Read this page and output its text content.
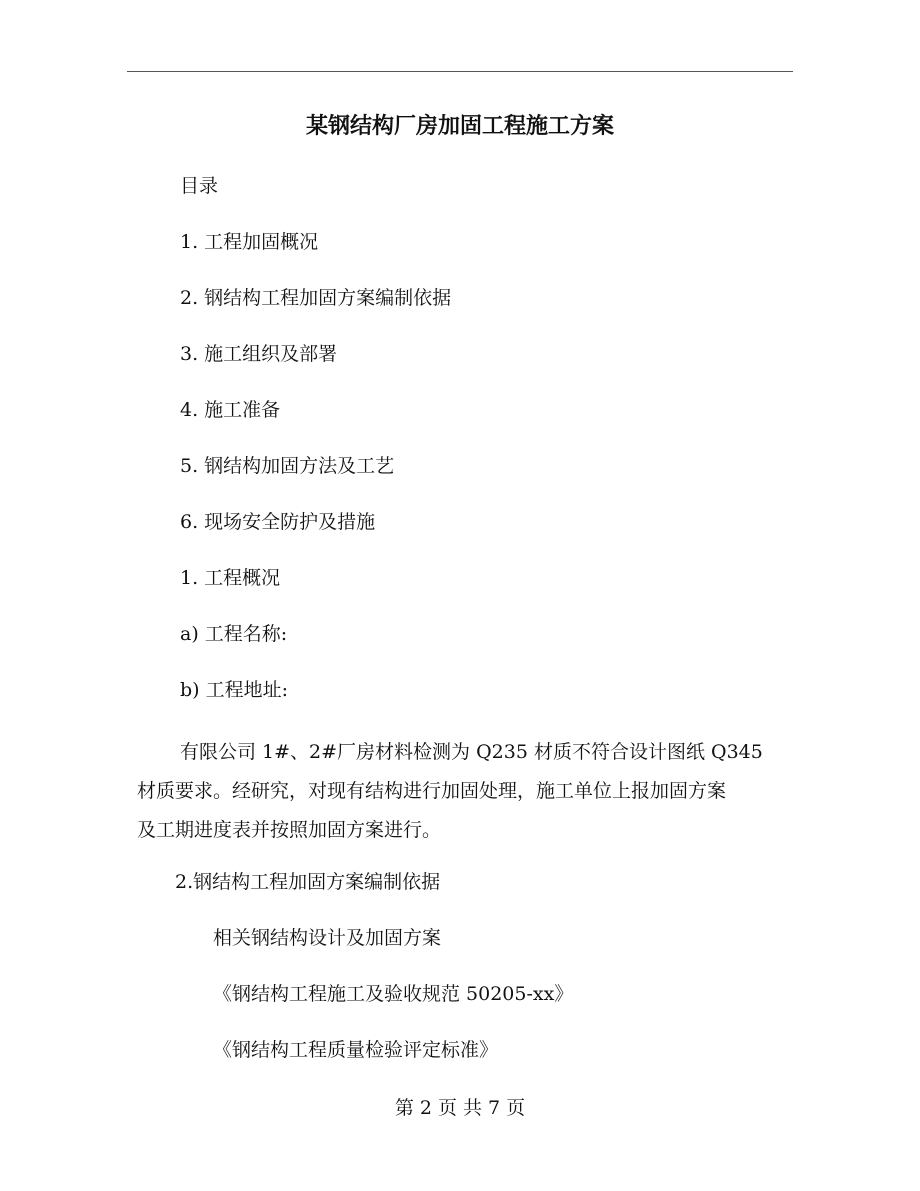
某钢结构厂房加固工程施工方案
目录
1. 工程加固概况
2. 钢结构工程加固方案编制依据
3. 施工组织及部署
4. 施工准备
5. 钢结构加固方法及工艺
6. 现场安全防护及措施
1. 工程概况
a) 工程名称:
b) 工程地址:
有限公司 1#、2#厂房材料检测为 Q235 材质不符合设计图纸 Q345
材质要求。经研究，对现有结构进行加固处理，施工单位上报加固方案
及工期进度表并按照加固方案进行。
2.钢结构工程加固方案编制依据
相关钢结构设计及加固方案
《钢结构工程施工及验收规范 50205-xx》
《钢结构工程质量检验评定标准》
第 2 页 共 7 页
